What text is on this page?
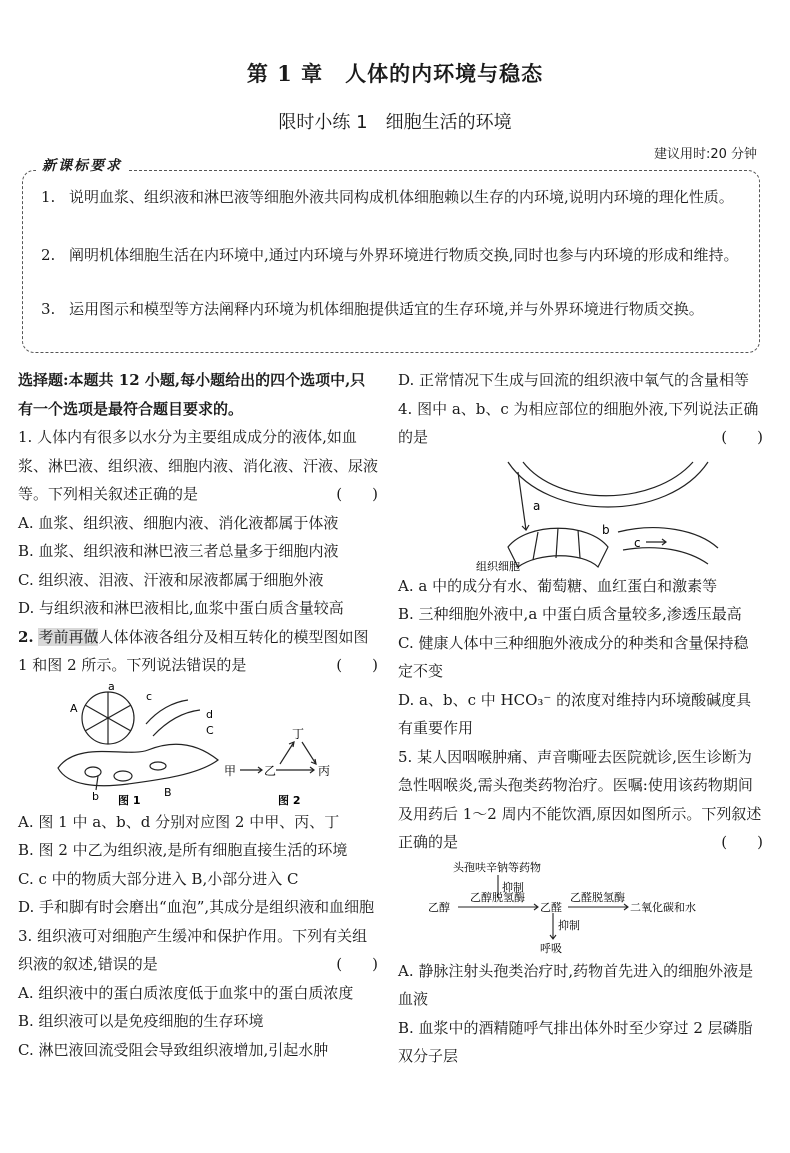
第 1 章　人体的内环境与稳态
限时小练 1　细胞生活的环境
建议用时:20 分钟
1. 说明血浆、组织液和淋巴液等细胞外液共同构成机体细胞赖以生存的内环境,说明内环境的理化性质。
2. 阐明机体细胞生活在内环境中,通过内环境与外界环境进行物质交换,同时也参与内环境的形成和维持。
3. 运用图示和模型等方法阐释内环境为机体细胞提供适宜的生存环境,并与外界环境进行物质交换。
新课标要求

选择题:本题共 12 小题,每小题给出的四个选项中,只有一个选项是最符合题目要求的。

1. 人体内有很多以水分为主要组成成分的液体,如血浆、淋巴液、组织液、细胞内液、消化液、汗液、尿液等。下列相关叙述正确的是	(　　)

A. 血浆、组织液、细胞内液、消化液都属于体液

B. 血浆、组织液和淋巴液三者总量多于细胞内液

C. 组织液、泪液、汗液和尿液都属于细胞外液

D. 与组织液和淋巴液相比,血浆中蛋白质含量较高

2. 考前再做人体体液各组分及相互转化的模型图如图 1 和图 2 所示。下列说法错误的是	(　　)

a
A
c
d
C
b	B
甲 乙	丙
丁
图 1	图 2

A. 图 1 中 a、b、d 分别对应图 2 中甲、丙、丁

B. 图 2 中乙为组织液,是所有细胞直接生活的环境

C. c 中的物质大部分进入 B,小部分进入 C

D. 手和脚有时会磨出“血泡”,其成分是组织液和血细胞

3. 组织液可对细胞产生缓冲和保护作用。下列有关组织液的叙述,错误的是	(　　)

A. 组织液中的蛋白质浓度低于血浆中的蛋白质浓度

B. 组织液可以是免疫细胞的生存环境

C. 淋巴液回流受阻会导致组织液增加,引起水肿

D. 正常情况下生成与回流的组织液中氧气的含量相等

4. 图中 a、b、c 为相应部位的细胞外液,下列说法正确的是	(　　)

a
b
c
组织细胞

A. a 中的成分有水、葡萄糖、血红蛋白和激素等

B. 三种细胞外液中,a 中蛋白质含量较多,渗透压最高

C. 健康人体中三种细胞外液成分的种类和含量保持稳定不变

D. a、b、c 中 HCO₃⁻ 的浓度对维持内环境酸碱度具有重要作用

5. 某人因咽喉肿痛、声音嘶哑去医院就诊,医生诊断为急性咽喉炎,需头孢类药物治疗。医嘱:使用该药物期间及用药后 1～2 周内不能饮酒,原因如图所示。下列叙述正确的是	(　　)

头孢呋辛钠等药物
抑制
乙醇
乙醇脱氢酶
乙醛
乙醛脱氢酶
二氧化碳和水
抑制
呼吸

A. 静脉注射头孢类治疗时,药物首先进入的细胞外液是血液

B. 血浆中的酒精随呼气排出体外时至少穿过 2 层磷脂双分子层
